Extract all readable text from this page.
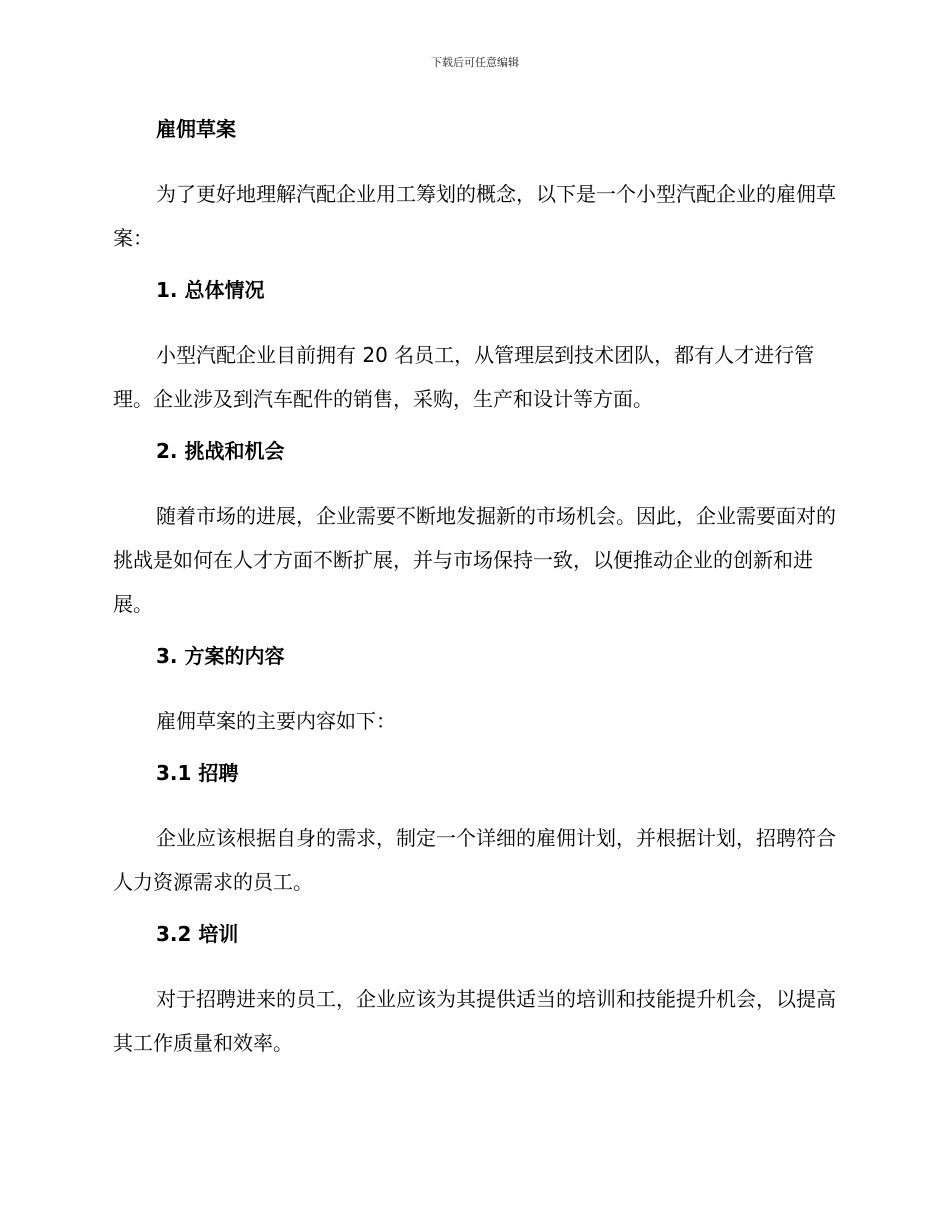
下载后可任意编辑
雇佣草案

为了更好地理解汽配企业用工筹划的概念，以下是一个小型汽配企业的雇佣草案：

1. 总体情况

小型汽配企业目前拥有 20 名员工，从管理层到技术团队，都有人才进行管理。企业涉及到汽车配件的销售，采购，生产和设计等方面。

2. 挑战和机会

随着市场的进展，企业需要不断地发掘新的市场机会。因此，企业需要面对的挑战是如何在人才方面不断扩展，并与市场保持一致，以便推动企业的创新和进展。

3. 方案的内容

雇佣草案的主要内容如下：

3.1 招聘

企业应该根据自身的需求，制定一个详细的雇佣计划，并根据计划，招聘符合人力资源需求的员工。

3.2 培训

对于招聘进来的员工，企业应该为其提供适当的培训和技能提升机会，以提高其工作质量和效率。
